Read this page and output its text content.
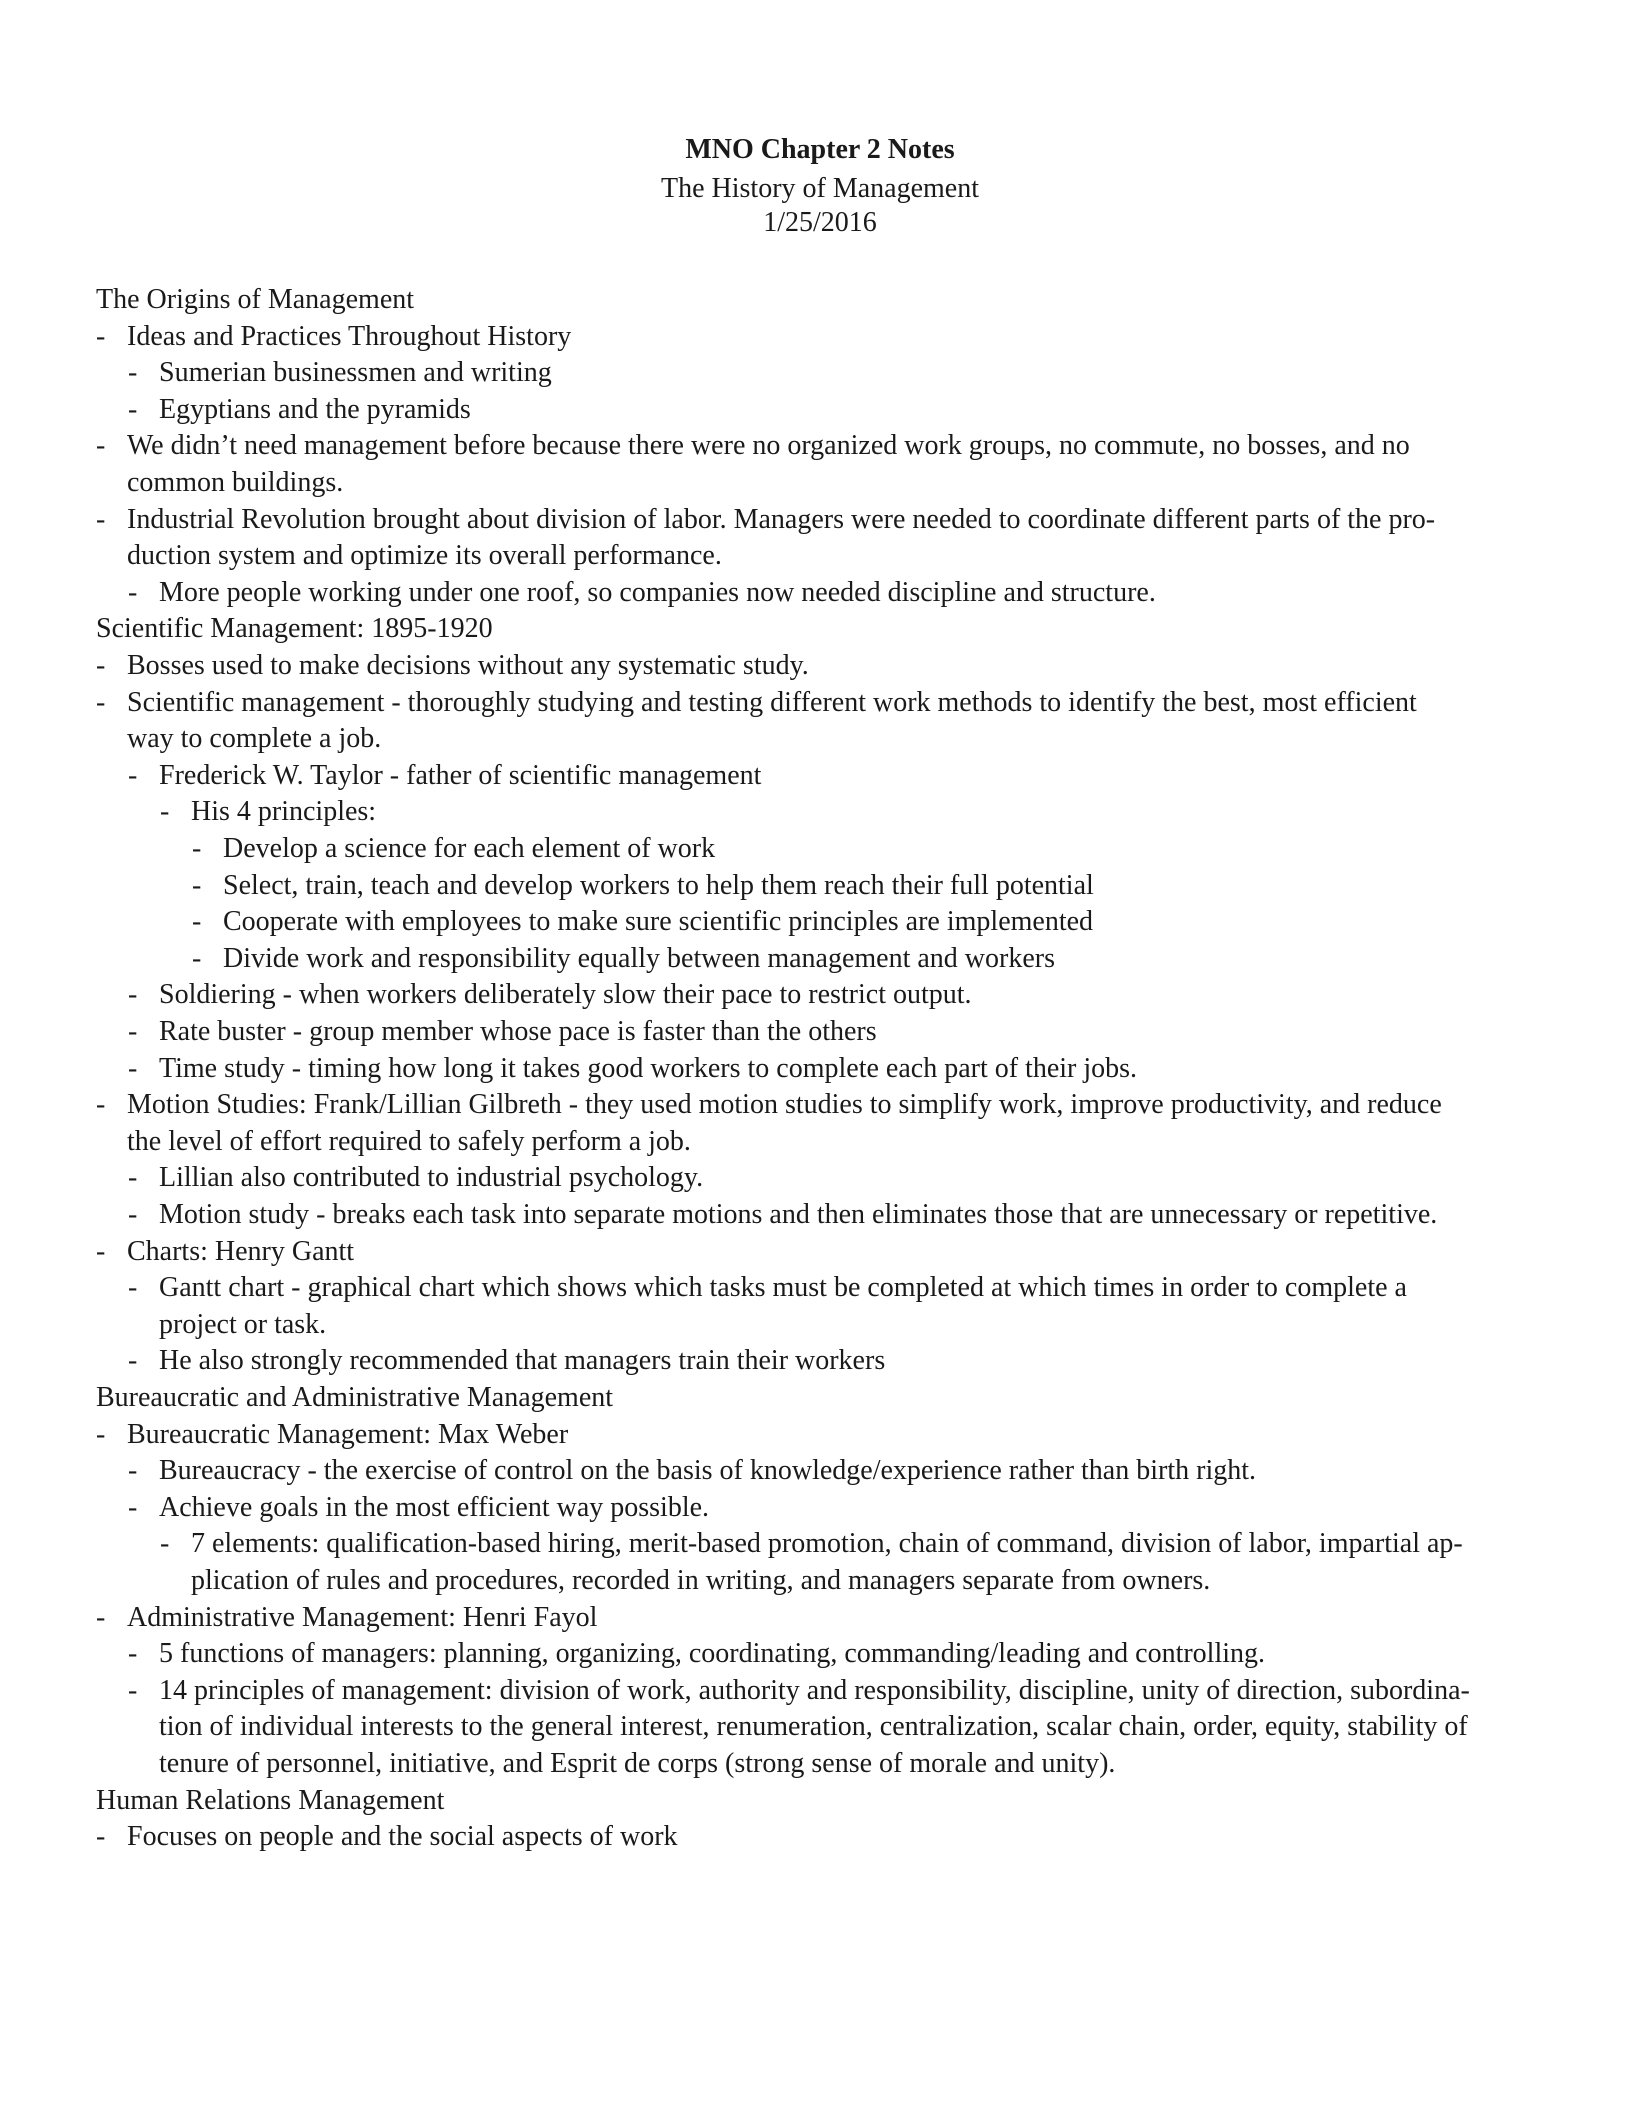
MNO Chapter 2 Notes
The History of Management
1/25/2016
The Origins of Management
- Ideas and Practices Throughout History
- Sumerian businessmen and writing
- Egyptians and the pyramids
- We didn’t need management before because there were no organized work groups, no commute, no bosses, and no
common buildings.
- Industrial Revolution brought about division of labor. Managers were needed to coordinate different parts of the pro-
duction system and optimize its overall performance.
- More people working under one roof, so companies now needed discipline and structure.
Scientific Management: 1895-1920
- Bosses used to make decisions without any systematic study.
- Scientific management - thoroughly studying and testing different work methods to identify the best, most efficient
way to complete a job.
- Frederick W. Taylor - father of scientific management
- His 4 principles:
- Develop a science for each element of work
- Select, train, teach and develop workers to help them reach their full potential
- Cooperate with employees to make sure scientific principles are implemented
- Divide work and responsibility equally between management and workers
- Soldiering - when workers deliberately slow their pace to restrict output.
- Rate buster - group member whose pace is faster than the others
- Time study - timing how long it takes good workers to complete each part of their jobs.
- Motion Studies: Frank/Lillian Gilbreth - they used motion studies to simplify work, improve productivity, and reduce
the level of effort required to safely perform a job.
- Lillian also contributed to industrial psychology.
- Motion study - breaks each task into separate motions and then eliminates those that are unnecessary or repetitive.
- Charts: Henry Gantt
- Gantt chart - graphical chart which shows which tasks must be completed at which times in order to complete a
project or task.
- He also strongly recommended that managers train their workers
Bureaucratic and Administrative Management
- Bureaucratic Management: Max Weber
- Bureaucracy - the exercise of control on the basis of knowledge/experience rather than birth right.
- Achieve goals in the most efficient way possible.
- 7 elements: qualification-based hiring, merit-based promotion, chain of command, division of labor, impartial ap-
plication of rules and procedures, recorded in writing, and managers separate from owners.
- Administrative Management: Henri Fayol
- 5 functions of managers: planning, organizing, coordinating, commanding/leading and controlling.
- 14 principles of management: division of work, authority and responsibility, discipline, unity of direction, subordina-
tion of individual interests to the general interest, renumeration, centralization, scalar chain, order, equity, stability of
tenure of personnel, initiative, and Esprit de corps (strong sense of morale and unity).
Human Relations Management
- Focuses on people and the social aspects of work
